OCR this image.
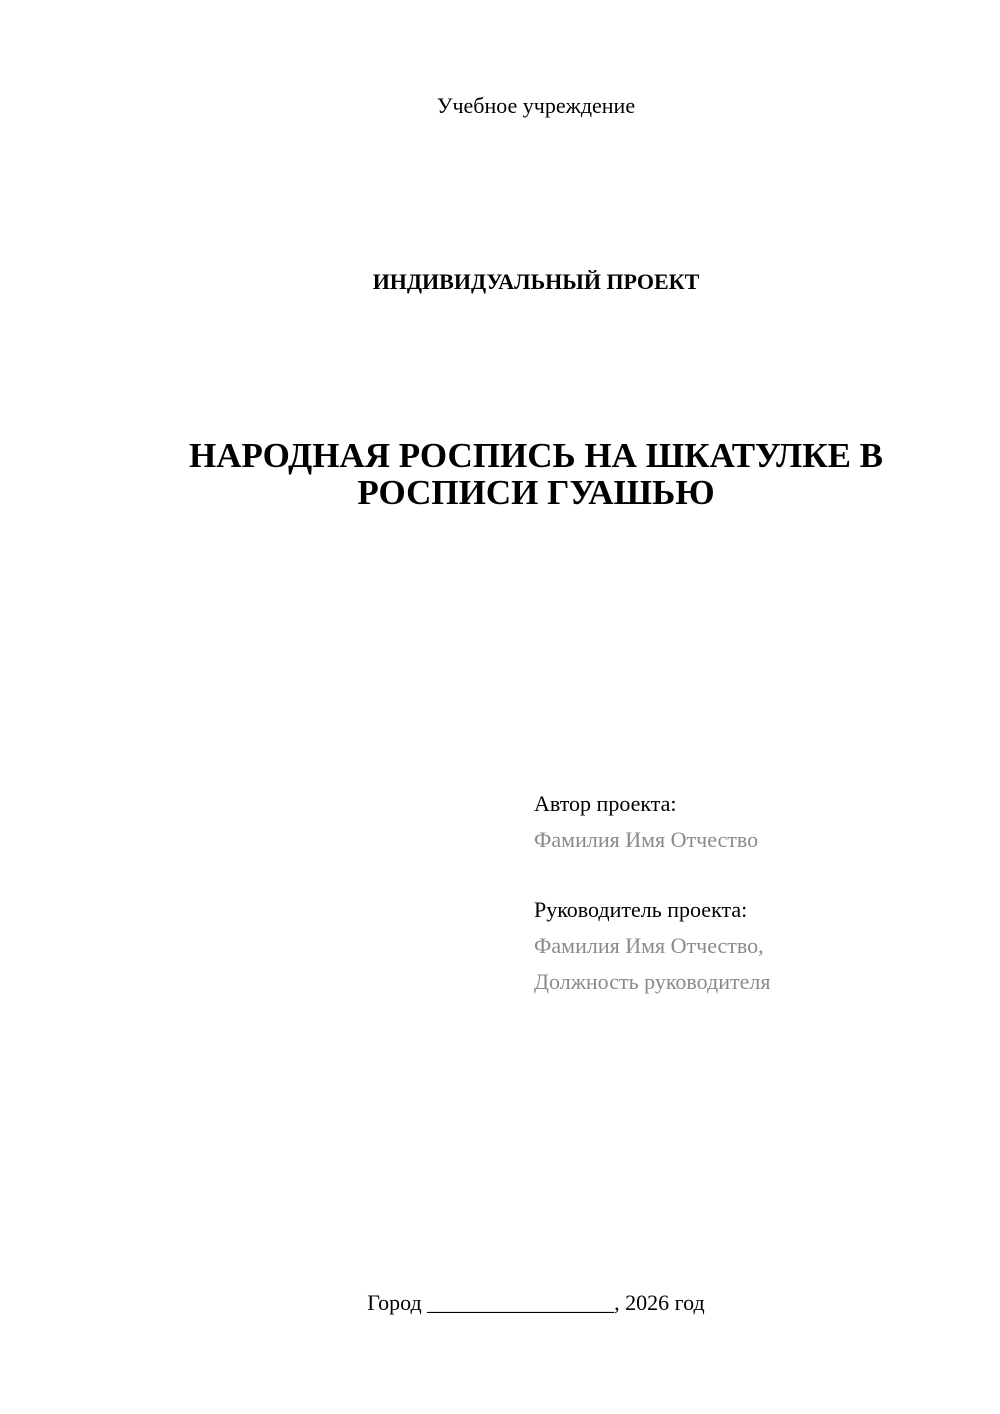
Учебное учреждение
ИНДИВИДУАЛЬНЫЙ ПРОЕКТ
НАРОДНАЯ РОСПИСЬ НА ШКАТУЛКЕ В РОСПИСИ ГУАШЬЮ
Автор проекта:
Фамилия Имя Отчество
Руководитель проекта:
Фамилия Имя Отчество,
Должность руководителя
Город _________________, 2026 год
